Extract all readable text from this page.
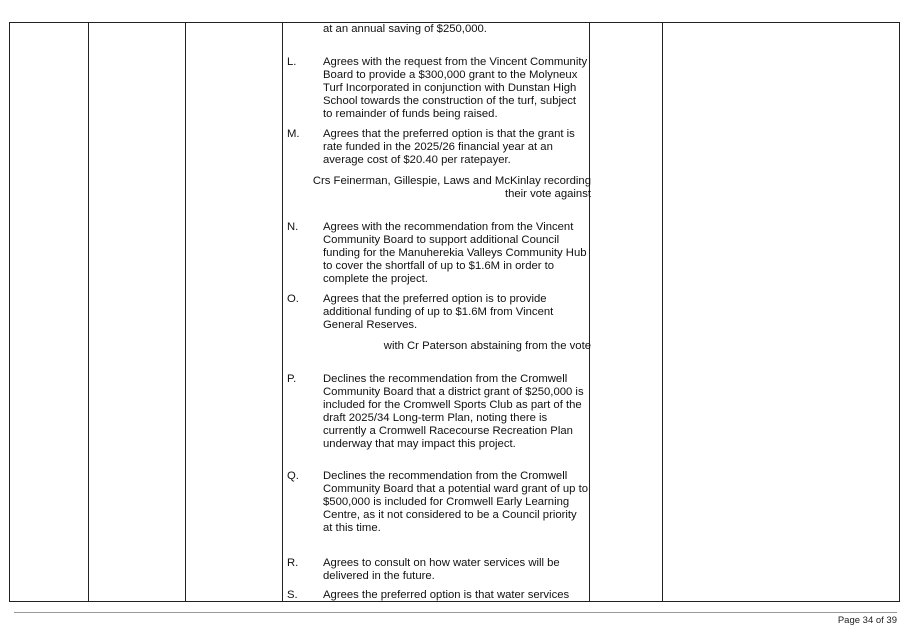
at an annual saving of $250,000.
L. Agrees with the request from the Vincent Community Board to provide a $300,000 grant to the Molyneux Turf Incorporated in conjunction with Dunstan High School towards the construction of the turf, subject to remainder of funds being raised.
M. Agrees that the preferred option is that the grant is rate funded in the 2025/26 financial year at an average cost of $20.40 per ratepayer.
Crs Feinerman, Gillespie, Laws and McKinlay recording
their vote against
N. Agrees with the recommendation from the Vincent Community Board to support additional Council funding for the Manuherekia Valleys Community Hub to cover the shortfall of up to $1.6M in order to complete the project.
O. Agrees that the preferred option is to provide additional funding of up to $1.6M from Vincent General Reserves.
with Cr Paterson abstaining from the vote
P. Declines the recommendation from the Cromwell Community Board that a district grant of $250,000 is included for the Cromwell Sports Club as part of the draft 2025/34 Long-term Plan, noting there is currently a Cromwell Racecourse Recreation Plan underway that may impact this project.
Q. Declines the recommendation from the Cromwell Community Board that a potential ward grant of up to $500,000 is included for Cromwell Early Learning Centre, as it not considered to be a Council priority at this time.
R. Agrees to consult on how water services will be delivered in the future.
S. Agrees the preferred option is that water services
Page 34 of 39
